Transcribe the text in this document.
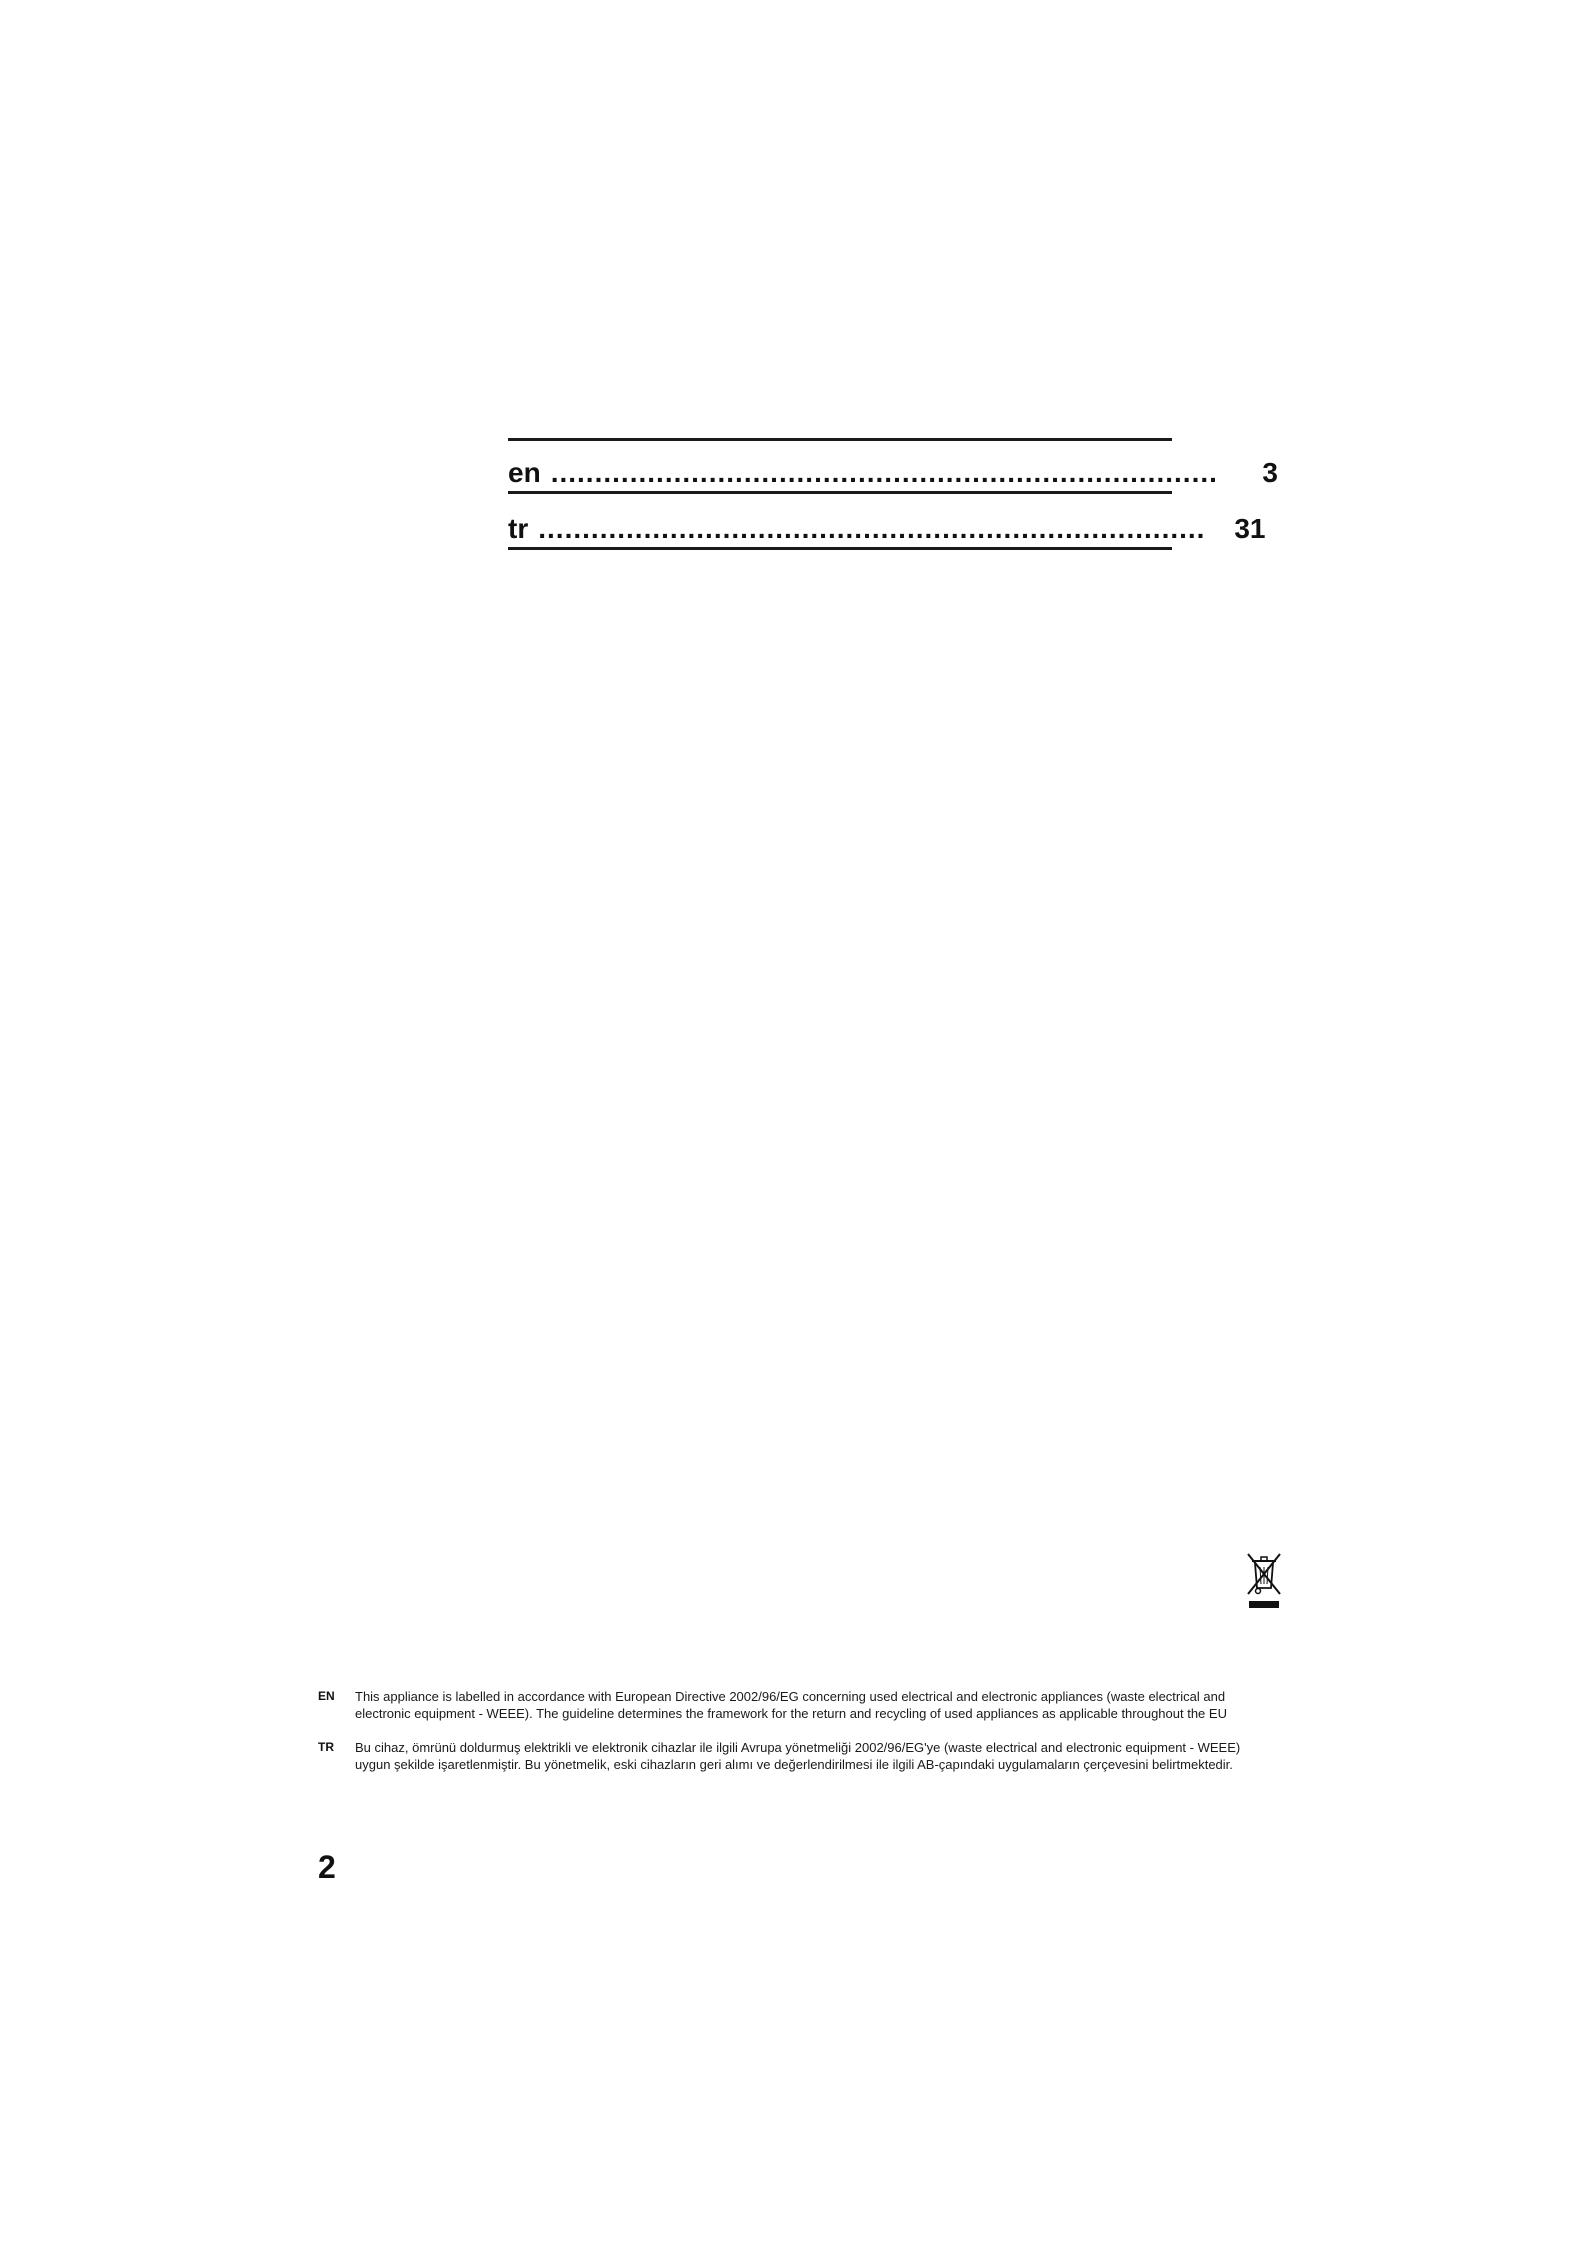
en ............................................................................	3
tr ............................................................................	31
EN	This appliance is labelled in accordance with European Directive 2002/96/EG concerning used electrical and electronic appliances (waste electrical and electronic equipment - WEEE). The guideline determines the framework for the return and recycling of used appliances as applicable throughout the EU
TR	Bu cihaz, ömrünü doldurmuş elektrikli ve elektronik cihazlar ile ilgili Avrupa yönetmeliği 2002/96/EG'ye (waste electrical and electronic equipment - WEEE) uygun şekilde işaretlenmiştir. Bu yönetmelik, eski cihazların geri alımı ve değerlendirilmesi ile ilgili AB-çapındaki uygulamaların çerçevesini belirtmektedir.
2
